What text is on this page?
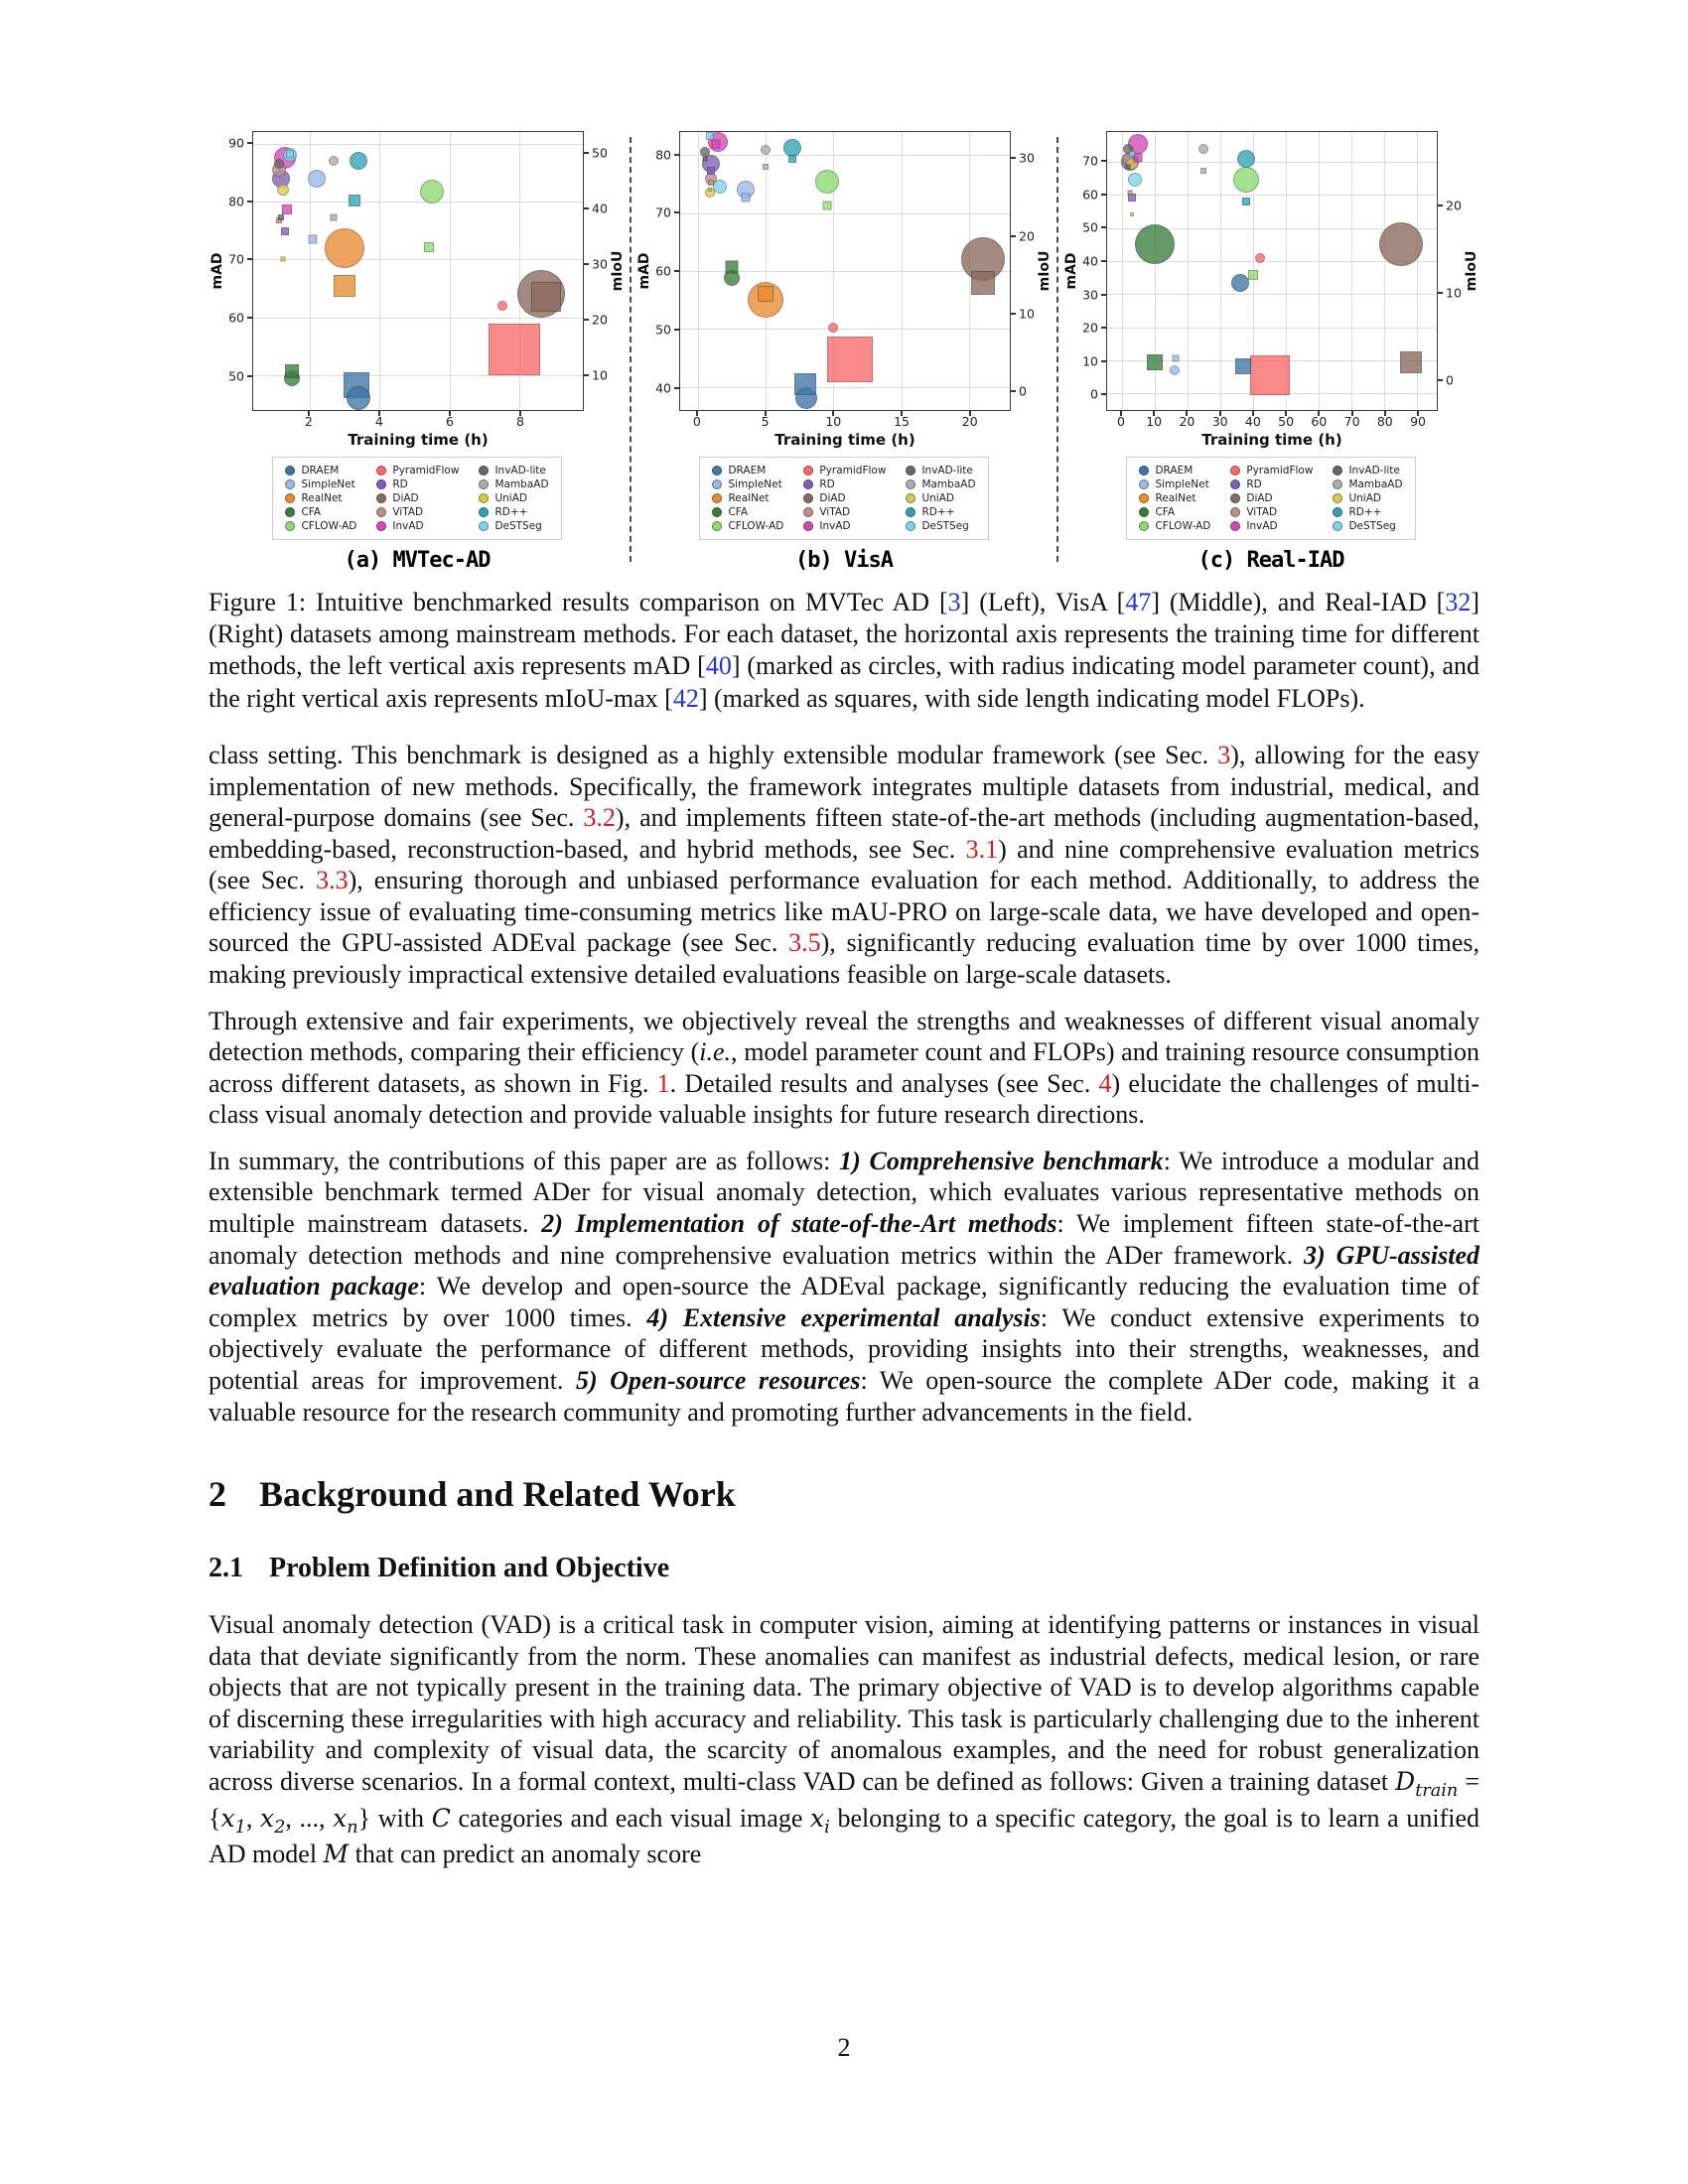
mAD
50
60
70
80
90
mIoU
10
20
30
40
50
2	4	6	8
Training time (h)
DRAEM
SimpleNet
RealNet
CFA
CFLOW-AD
PyramidFlow
RD
DiAD
ViTAD
InvAD
InvAD-lite
MambaAD
UniAD
RD++
DeSTSeg
(a) MVTec-AD
mAD
40
50
60
70
80
mIoU
0
10
20
30
0	5	10	15	20
Training time (h)
DRAEM
SimpleNet
RealNet
CFA
CFLOW-AD
PyramidFlow
RD
DiAD
ViTAD
InvAD
InvAD-lite
MambaAD
UniAD
RD++
DeSTSeg
(b) VisA
mAD
0
10
20
30
40
50
60
70
mIoU
0
10
20
0 10 20 30 40 50 60 70 80 90
Training time (h)
DRAEM
SimpleNet
RealNet
CFA
CFLOW-AD
PyramidFlow
RD
DiAD
ViTAD
InvAD
InvAD-lite
MambaAD
UniAD
RD++
DeSTSeg
(c) Real-IAD
Figure 1: Intuitive benchmarked results comparison on MVTec AD [3] (Left), VisA [47] (Middle), and Real-IAD [32] (Right) datasets among mainstream methods. For each dataset, the horizontal axis represents the training time for different methods, the left vertical axis represents mAD [40] (marked as circles, with radius indicating model parameter count), and the right vertical axis represents mIoU-max [42] (marked as squares, with side length indicating model FLOPs).
class setting. This benchmark is designed as a highly extensible modular framework (see Sec. 3), allowing for the easy implementation of new methods. Specifically, the framework integrates multiple datasets from industrial, medical, and general-purpose domains (see Sec. 3.2), and implements fifteen state-of-the-art methods (including augmentation-based, embedding-based, reconstruction-based, and hybrid methods, see Sec. 3.1) and nine comprehensive evaluation metrics (see Sec. 3.3), ensuring thorough and unbiased performance evaluation for each method. Additionally, to address the efficiency issue of evaluating time-consuming metrics like mAU-PRO on large-scale data, we have developed and open-sourced the GPU-assisted ADEval package (see Sec. 3.5), significantly reducing evaluation time by over 1000 times, making previously impractical extensive detailed evaluations feasible on large-scale datasets.
Through extensive and fair experiments, we objectively reveal the strengths and weaknesses of different visual anomaly detection methods, comparing their efficiency (i.e., model parameter count and FLOPs) and training resource consumption across different datasets, as shown in Fig. 1. Detailed results and analyses (see Sec. 4) elucidate the challenges of multi-class visual anomaly detection and provide valuable insights for future research directions.
In summary, the contributions of this paper are as follows: 1) Comprehensive benchmark: We introduce a modular and extensible benchmark termed ADer for visual anomaly detection, which evaluates various representative methods on multiple mainstream datasets. 2) Implementation of state-of-the-Art methods: We implement fifteen state-of-the-art anomaly detection methods and nine comprehensive evaluation metrics within the ADer framework. 3) GPU-assisted evaluation package: We develop and open-source the ADEval package, significantly reducing the evaluation time of complex metrics by over 1000 times. 4) Extensive experimental analysis: We conduct extensive experiments to objectively evaluate the performance of different methods, providing insights into their strengths, weaknesses, and potential areas for improvement. 5) Open-source resources: We open-source the complete ADer code, making it a valuable resource for the research community and promoting further advancements in the field.
2 Background and Related Work
2.1 Problem Definition and Objective
Visual anomaly detection (VAD) is a critical task in computer vision, aiming at identifying patterns or instances in visual data that deviate significantly from the norm. These anomalies can manifest as industrial defects, medical lesion, or rare objects that are not typically present in the training data. The primary objective of VAD is to develop algorithms capable of discerning these irregularities with high accuracy and reliability. This task is particularly challenging due to the inherent variability and complexity of visual data, the scarcity of anomalous examples, and the need for robust generalization across diverse scenarios. In a formal context, multi-class VAD can be defined as follows: Given a training dataset $D_{train} = \{x_1$, $x_2$, ..., $x_n$} with C categories and each visual image $x_i$ belonging to a specific category, the goal is to learn a unified AD model M that can predict an anomaly score
2
